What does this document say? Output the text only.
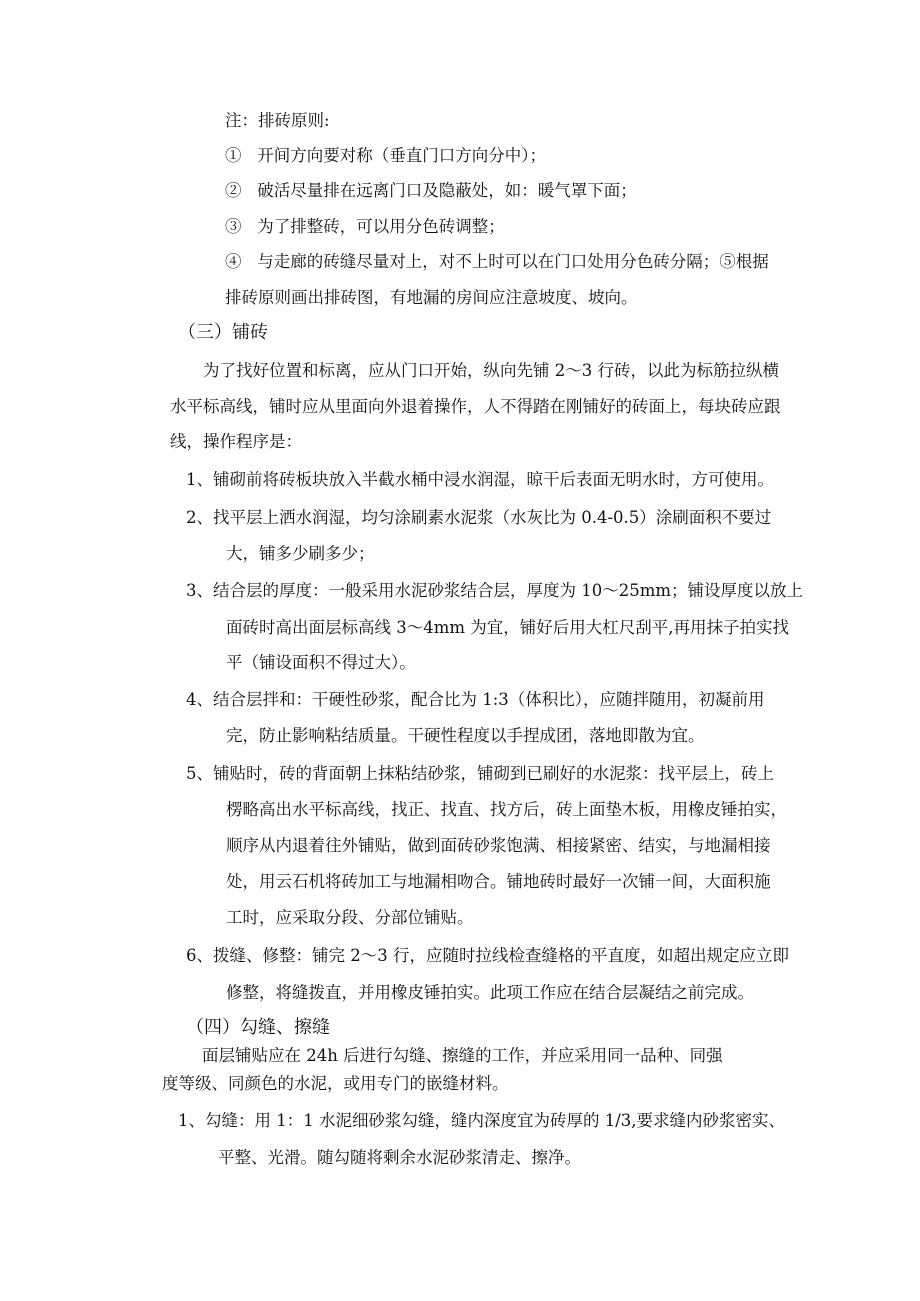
注：排砖原则:
① 开间方向要对称（垂直门口方向分中）；
② 破活尽量排在远离门口及隐蔽处，如：暖气罩下面；
③ 为了排整砖，可以用分色砖调整；
④ 与走廊的砖缝尽量对上，对不上时可以在门口处用分色砖分隔；⑤根据
排砖原则画出排砖图，有地漏的房间应注意坡度、坡向。
（三）铺砖
为了找好位置和标离，应从门口开始，纵向先铺 2～3 行砖，以此为标筋拉纵横
水平标高线，铺时应从里面向外退着操作，人不得踏在刚铺好的砖面上，每块砖应跟
线，操作程序是：
1、铺砌前将砖板块放入半截水桶中浸水润湿，晾干后表面无明水时，方可使用。
2、找平层上洒水润湿，均匀涂刷素水泥浆（水灰比为 0.4-0.5）涂刷面积不要过
大，铺多少刷多少；
3、结合层的厚度：一般采用水泥砂浆结合层，厚度为 10～25mm；铺设厚度以放上
面砖时高出面层标高线 3～4mm 为宜，铺好后用大杠尺刮平,再用抹子拍实找
平（铺设面积不得过大）。
4、结合层拌和：干硬性砂浆，配合比为 1:3（体积比），应随拌随用，初凝前用
完，防止影响粘结质量。干硬性程度以手捏成团，落地即散为宜。
5、铺贴时，砖的背面朝上抹粘结砂浆，铺砌到已刷好的水泥浆：找平层上，砖上
楞略高出水平标高线，找正、找直、找方后，砖上面垫木板，用橡皮锤拍实，
顺序从内退着往外铺贴，做到面砖砂浆饱满、相接紧密、结实，与地漏相接
处，用云石机将砖加工与地漏相吻合。铺地砖时最好一次铺一间，大面积施
工时，应采取分段、分部位铺贴。
6、拨缝、修整：铺完 2～3 行，应随时拉线检查缝格的平直度，如超出规定应立即
修整，将缝拨直，并用橡皮锤拍实。此项工作应在结合层凝结之前完成。
（四）勾缝、擦缝
面层铺贴应在 24h 后进行勾缝、擦缝的工作，并应采用同一品种、同强
度等级、同颜色的水泥，或用专门的嵌缝材料。
1、勾缝：用 1：1 水泥细砂浆勾缝，缝内深度宜为砖厚的 1/3,要求缝内砂浆密实、
平整、光滑。随勾随将剩余水泥砂浆清走、擦净。
